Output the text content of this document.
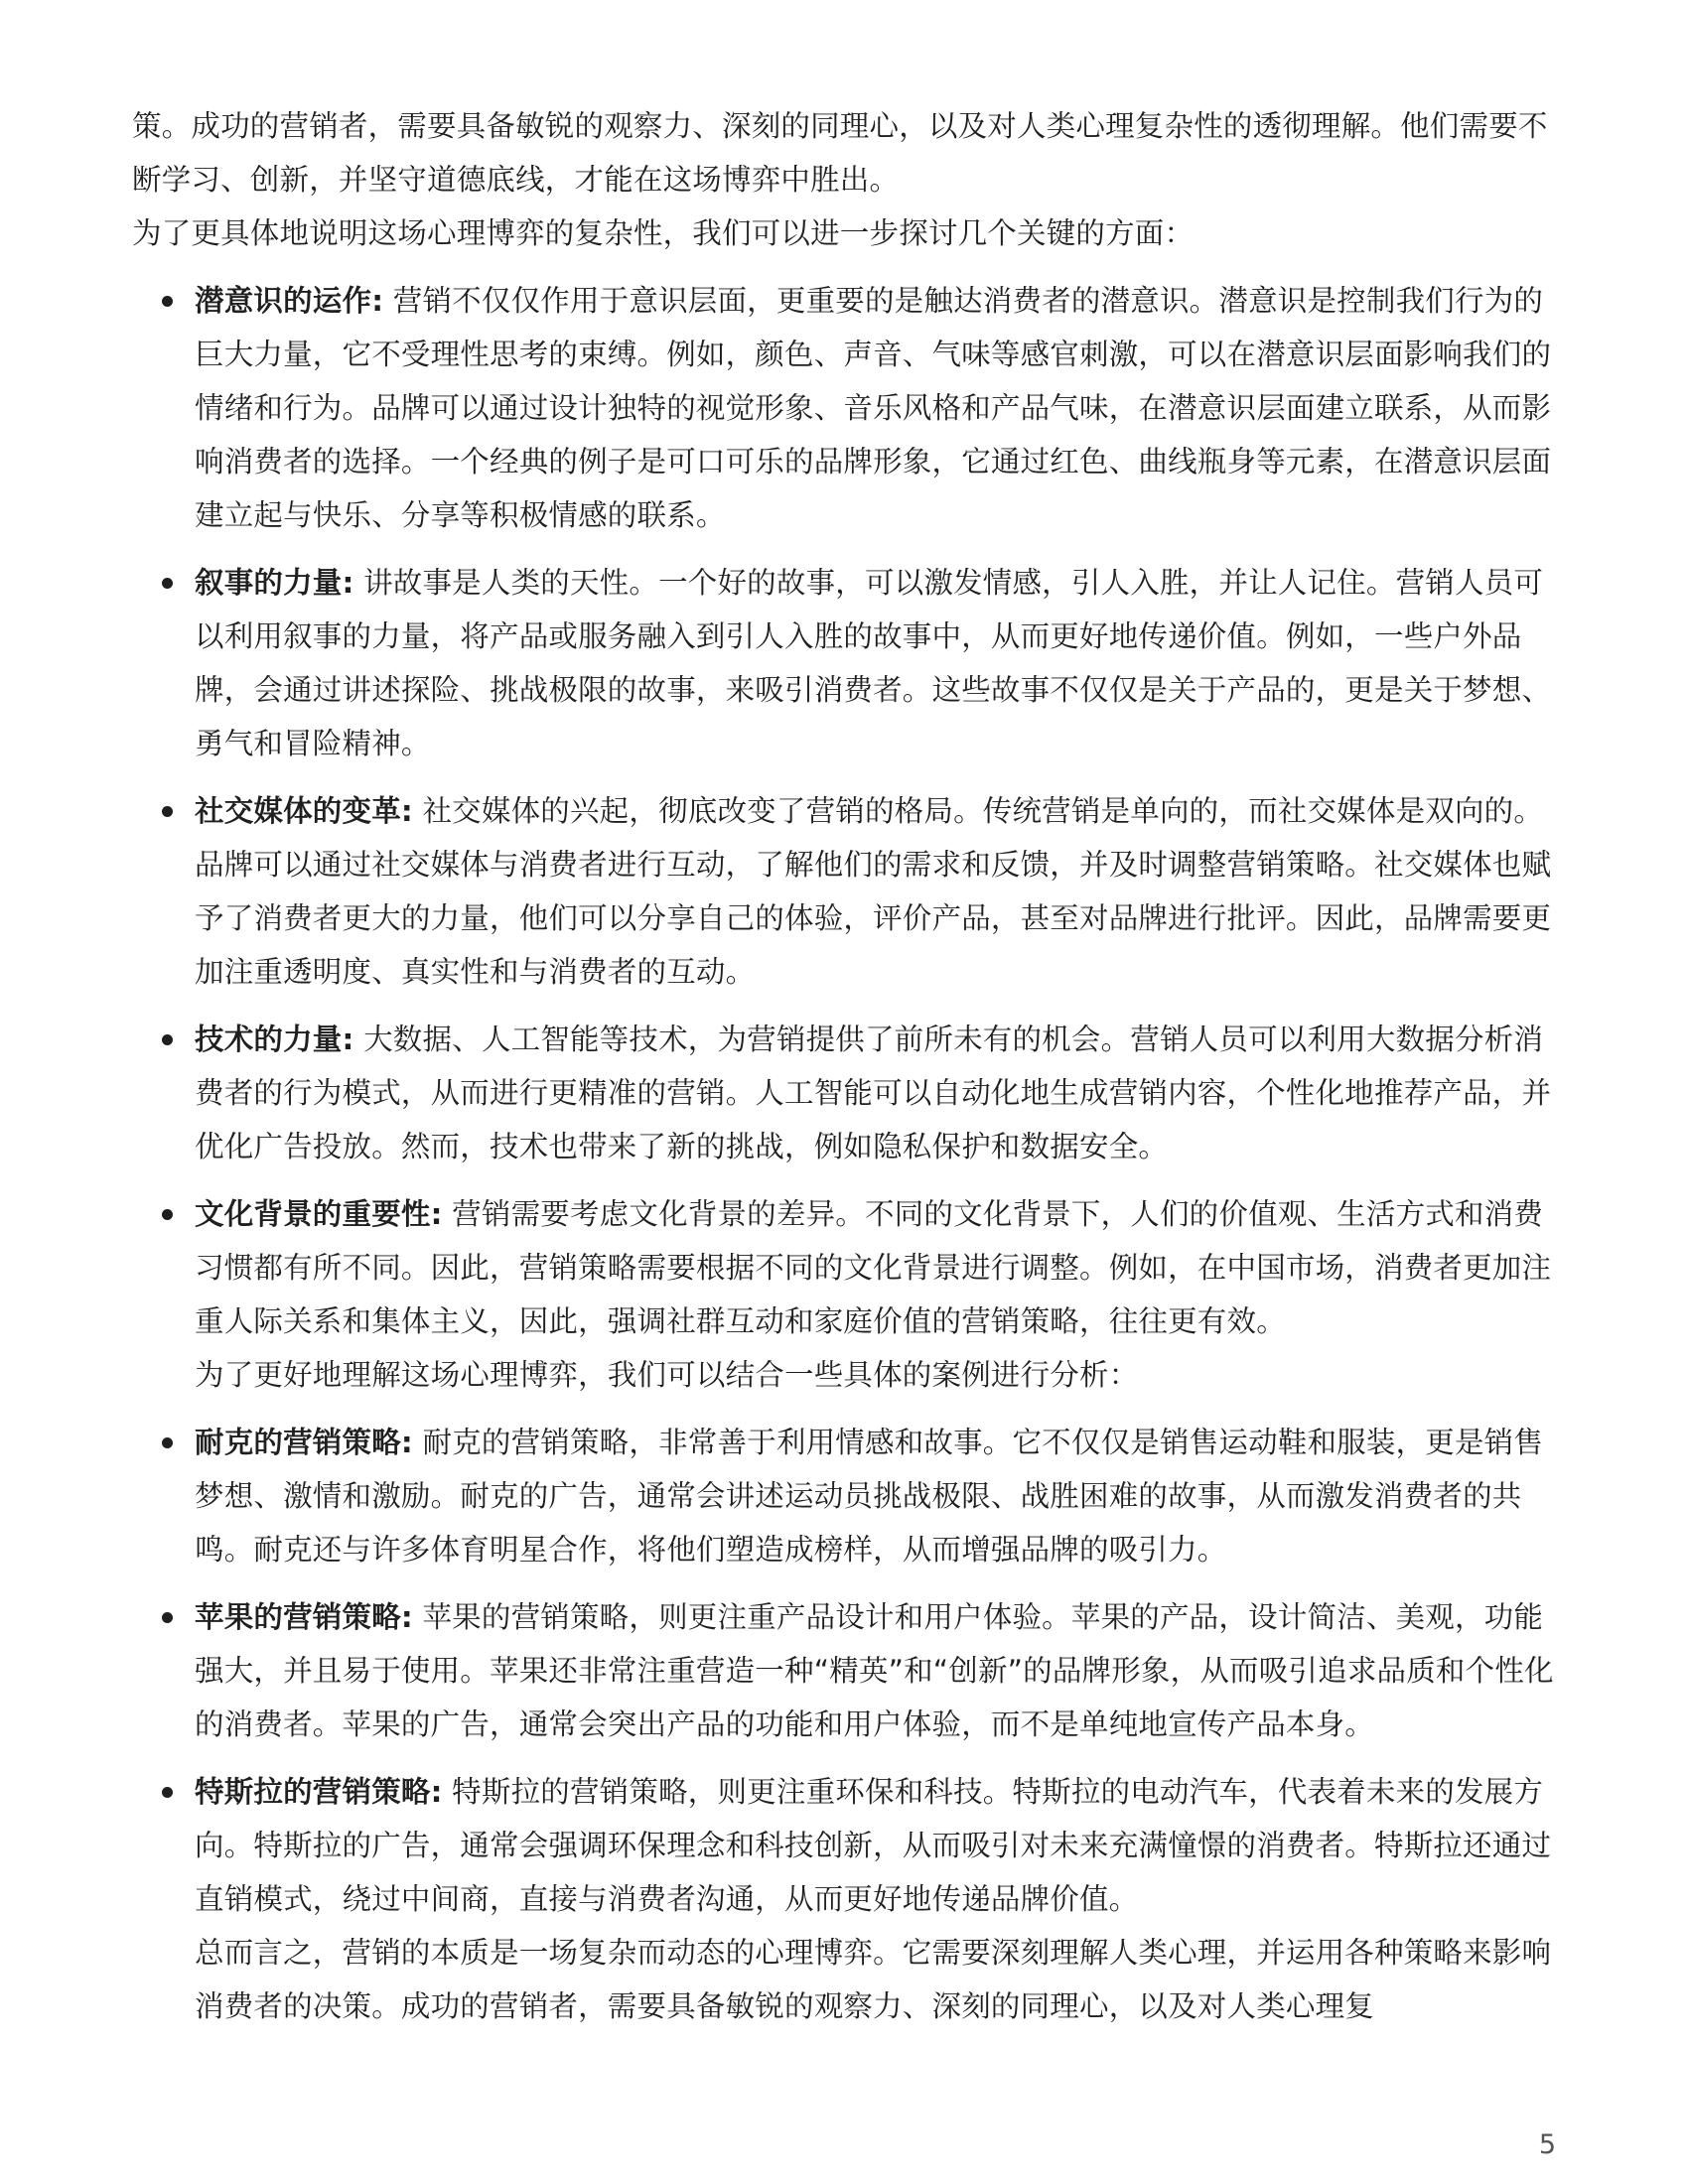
策。成功的营销者，需要具备敏锐的观察力、深刻的同理心，以及对人类心理复杂性的透彻理解。他们需要不断学习、创新，并坚守道德底线，才能在这场博弈中胜出。

为了更具体地说明这场心理博弈的复杂性，我们可以进一步探讨几个关键的方面：

潜意识的运作: 营销不仅仅作用于意识层面，更重要的是触达消费者的潜意识。潜意识是控制我们行为的巨大力量，它不受理性思考的束缚。例如，颜色、声音、气味等感官刺激，可以在潜意识层面影响我们的情绪和行为。品牌可以通过设计独特的视觉形象、音乐风格和产品气味，在潜意识层面建立联系，从而影响消费者的选择。一个经典的例子是可口可乐的品牌形象，它通过红色、曲线瓶身等元素，在潜意识层面建立起与快乐、分享等积极情感的联系。
叙事的力量: 讲故事是人类的天性。一个好的故事，可以激发情感，引人入胜，并让人记住。营销人员可以利用叙事的力量，将产品或服务融入到引人入胜的故事中，从而更好地传递价值。例如，一些户外品牌，会通过讲述探险、挑战极限的故事，来吸引消费者。这些故事不仅仅是关于产品的，更是关于梦想、勇气和冒险精神。
社交媒体的变革: 社交媒体的兴起，彻底改变了营销的格局。传统营销是单向的，而社交媒体是双向的。品牌可以通过社交媒体与消费者进行互动，了解他们的需求和反馈，并及时调整营销策略。社交媒体也赋予了消费者更大的力量，他们可以分享自己的体验，评价产品，甚至对品牌进行批评。因此，品牌需要更加注重透明度、真实性和与消费者的互动。
技术的力量: 大数据、人工智能等技术，为营销提供了前所未有的机会。营销人员可以利用大数据分析消费者的行为模式，从而进行更精准的营销。人工智能可以自动化地生成营销内容，个性化地推荐产品，并优化广告投放。然而，技术也带来了新的挑战，例如隐私保护和数据安全。
文化背景的重要性: 营销需要考虑文化背景的差异。不同的文化背景下，人们的价值观、生活方式和消费习惯都有所不同。因此，营销策略需要根据不同的文化背景进行调整。例如，在中国市场，消费者更加注重人际关系和集体主义，因此，强调社群互动和家庭价值的营销策略，往往更有效。
为了更好地理解这场心理博弈，我们可以结合一些具体的案例进行分析：
耐克的营销策略: 耐克的营销策略，非常善于利用情感和故事。它不仅仅是销售运动鞋和服装，更是销售梦想、激情和激励。耐克的广告，通常会讲述运动员挑战极限、战胜困难的故事，从而激发消费者的共鸣。耐克还与许多体育明星合作，将他们塑造成榜样，从而增强品牌的吸引力。
苹果的营销策略: 苹果的营销策略，则更注重产品设计和用户体验。苹果的产品，设计简洁、美观，功能强大，并且易于使用。苹果还非常注重营造一种“精英”和“创新”的品牌形象，从而吸引追求品质和个性化的消费者。苹果的广告，通常会突出产品的功能和用户体验，而不是单纯地宣传产品本身。
特斯拉的营销策略: 特斯拉的营销策略，则更注重环保和科技。特斯拉的电动汽车，代表着未来的发展方向。特斯拉的广告，通常会强调环保理念和科技创新，从而吸引对未来充满憧憬的消费者。特斯拉还通过直销模式，绕过中间商，直接与消费者沟通，从而更好地传递品牌价值。
总而言之，营销的本质是一场复杂而动态的心理博弈。它需要深刻理解人类心理，并运用各种策略来影响消费者的决策。成功的营销者，需要具备敏锐的观察力、深刻的同理心，以及对人类心理复
5
